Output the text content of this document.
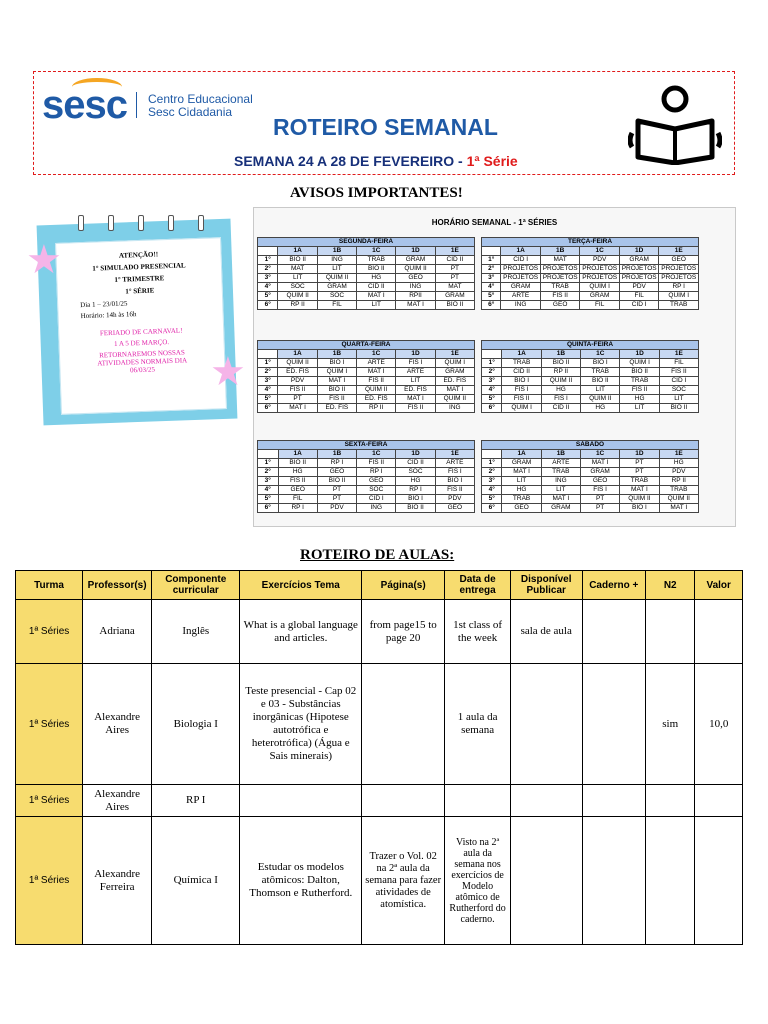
sesc Centro Educacional
Sesc Cidadania
ROTEIRO SEMANAL
SEMANA 24 A 28 DE FEVEREIRO - 1ª Série
AVISOS IMPORTANTES!
ATENÇÃO!!
1° SIMULADO PRESENCIAL
1° TRIMESTRE
1° SÉRIE
Dia 1 – 23/01/25
Horário: 14h às 16h
FERIADO DE CARNAVAL!
1 A 5 DE MARÇO.
RETORNAREMOS NOSSAS ATIVIDADES NORMAIS DIA 06/03/25
★
★
HORÁRIO SEMANAL - 1ª SÉRIES
SEGUNDA-FEIRA					
	1A	1B	1C	1D	1E
1°	BIO II	ING	TRAB	GRAM	CID II
2°	MAT	LIT	BIO II	QUIM II	PT
3°	LIT	QUIM II	HG	GEO	PT
4°	SOC	GRAM	CID II	ING	MAT
5°	QUIM II	SOC	MAT I	RPII	GRAM
6°	RP II	FIL	LIT	MAT I	BIO II
TERÇA-FEIRA					
	1A	1B	1C	1D	1E
1°	CID I	MAT	PDV	GRAM	GEO
2°	PROJETOS	PROJETOS	PROJETOS	PROJETOS	PROJETOS
3°	PROJETOS	PROJETOS	PROJETOS	PROJETOS	PROJETOS
4°	GRAM	TRAB	QUIM I	PDV	RP I
5°	ARTE	FIS II	GRAM	FIL	QUIM I
6°	ING	GEO	FIL	CID I	TRAB
QUARTA-FEIRA					
	1A	1B	1C	1D	1E
1°	QUIM II	BIO I	ARTE	FIS I	QUIM I
2°	ED. FIS	QUIM I	MAT I	ARTE	GRAM
3°	PDV	MAT I	FIS II	LIT	ED. FIS
4°	FIS II	BIO II	QUIM II	ED. FIS	MAT I
5°	PT	FIS II	ED. FIS	MAT I	QUIM II
6°	MAT I	ED. FIS	RP II	FIS II	ING
QUINTA-FEIRA					
	1A	1B	1C	1D	1E
1°	TRAB	BIO II	BIO I	QUIM I	FIL
2°	CID II	RP II	TRAB	BIO II	FIS II
3°	BIO I	QUIM II	BIO II	TRAB	CID I
4°	FIS I	HG	LIT	FIS II	SOC
5°	FIS II	FIS I	QUIM II	HG	LIT
6°	QUIM I	CID II	HG	LIT	BIO II
SEXTA-FEIRA					
	1A	1B	1C	1D	1E
1°	BIO II	RP I	FIS II	CID II	ARTE
2°	HG	GEO	RP I	SOC	FIS I
3°	FIS II	BIO II	GEO	HG	BIO I
4°	GEO	PT	SOC	RP I	FIS II
5°	FIL	PT	CID I	BIO I	PDV
6°	RP I	PDV	ING	BIO II	GEO
SÁBADO					
	1A	1B	1C	1D	1E
1°	GRAM	ARTE	MAT I	PT	HG
2°	MAT I	TRAB	GRAM	PT	PDV
3°	LIT	ING	GEO	TRAB	RP II
4°	HG	LIT	FIS I	MAT I	TRAB
5°	TRAB	MAT I	PT	QUIM II	QUIM II
6°	GEO	GRAM	PT	BIO I	MAT I
ROTEIRO DE AULAS:
Turma	Professor(s)	Componente curricular	Exercícios Tema	Página(s)	Data de entrega	Disponível Publicar	Caderno +	N2	Valor
1ª Séries	Adriana	Inglês	What is a global language and articles.	from page15 to page 20	1st class of the week	sala de aula			
1ª Séries	Alexandre Aires	Biologia I	Teste presencial - Cap 02 e 03 - Substâncias inorgânicas (Hipotese autotrófica e heterotrófica) (Água e Sais minerais)		1 aula da semana			sim	10,0
1ª Séries	Alexandre Aires	RP I							
1ª Séries	Alexandre Ferreira	Química I	Estudar os modelos atômicos: Dalton, Thomson e Rutherford.	Trazer o Vol. 02 na 2ª aula da semana para fazer atividades de atomística.	Visto na 2ª aula da semana nos exercícios de Modelo atômico de Rutherford do caderno.				
